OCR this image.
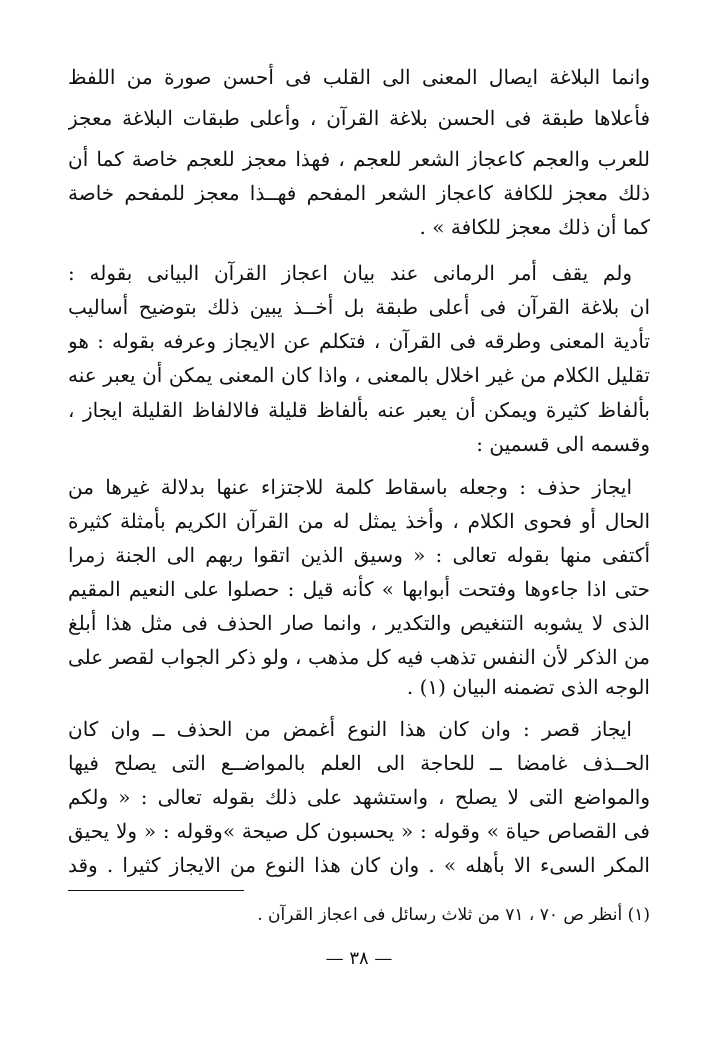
وانما البلاغة ايصال المعنى الى القلب فى أحسن صورة من اللفظ
فأعلاها طبقة فى الحسن بلاغة القرآن ، وأعلى طبقات البلاغة معجز
للعرب والعجم كاعجاز الشعر للعجم ، فهذا معجز للعجم خاصة كما أن
ذلك معجز للكافة كاعجاز الشعر المفحم فهــذا معجز للمفحم خاصة
كما أن ذلك معجز للكافة » .
ولم يقف أمر الرمانى عند بيان اعجاز القرآن البيانى بقوله :
ان بلاغة القرآن فى أعلى طبقة بل أخــذ يبين ذلك بتوضيح أساليب
تأدية المعنى وطرقه فى القرآن ، فتكلم عن الايجاز وعرفه بقوله : هو
تقليل الكلام من غير اخلال بالمعنى ، واذا كان المعنى يمكن أن يعبر عنه
بألفاظ كثيرة ويمكن أن يعبر عنه بألفاظ قليلة فالالفاظ القليلة ايجاز ،
وقسمه الى قسمين :
ايجاز حذف : وجعله باسقاط كلمة للاجتزاء عنها بدلالة غيرها من
الحال أو فحوى الكلام ، وأخذ يمثل له من القرآن الكريم بأمثلة كثيرة
أكتفى منها بقوله تعالى : « وسيق الذين اتقوا ربهم الى الجنة زمرا
حتى اذا جاءوها وفتحت أبوابها » كأنه قيل : حصلوا على النعيم المقيم
الذى لا يشوبه التنغيص والتكدير ، وانما صار الحذف فى مثل هذا أبلغ
من الذكر لأن النفس تذهب فيه كل مذهب ، ولو ذكر الجواب لقصر على
الوجه الذى تضمنه البيان (١) .
ايجاز قصر : وان كان هذا النوع أغمض من الحذف ــ وان كان
الحــذف غامضا ــ للحاجة الى العلم بالمواضــع التى يصلح فيها
والمواضع التى لا يصلح ، واستشهد على ذلك بقوله تعالى : « ولكم
فى القصاص حياة » وقوله : « يحسبون كل صيحة »وقوله : « ولا يحيق
المكر السىء الا بأهله » . وان كان هذا النوع من الايجاز كثيرا . وقد
(١) أنظر ص ٧٠ ، ٧١ من ثلاث رسائل فى اعجاز القرآن .
— ٣٨ —
